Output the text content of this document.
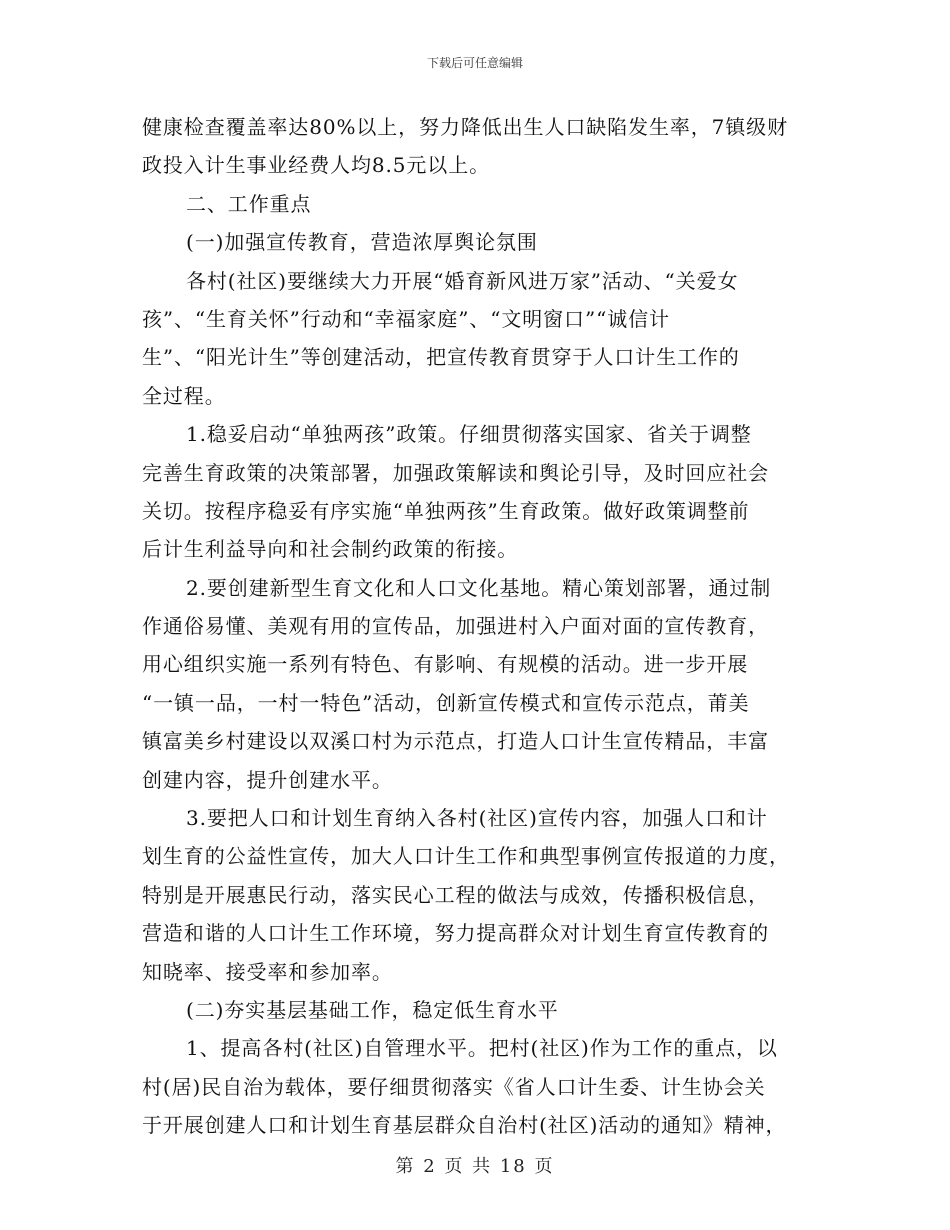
下载后可任意编辑
健康检查覆盖率达80%以上，努力降低出生人口缺陷发生率，7镇级财
政投入计生事业经费人均8.5元以上。
二、工作重点
(一)加强宣传教育，营造浓厚舆论氛围
各村(社区)要继续大力开展“婚育新风进万家”活动、“关爱女
孩”、“生育关怀”行动和“幸福家庭”、“文明窗口”“诚信计
生”、“阳光计生”等创建活动，把宣传教育贯穿于人口计生工作的
全过程。
1.稳妥启动“单独两孩”政策。仔细贯彻落实国家、省关于调整
完善生育政策的决策部署，加强政策解读和舆论引导，及时回应社会
关切。按程序稳妥有序实施“单独两孩”生育政策。做好政策调整前
后计生利益导向和社会制约政策的衔接。
2.要创建新型生育文化和人口文化基地。精心策划部署，通过制
作通俗易懂、美观有用的宣传品，加强进村入户面对面的宣传教育，
用心组织实施一系列有特色、有影响、有规模的活动。进一步开展
“一镇一品，一村一特色”活动，创新宣传模式和宣传示范点，莆美
镇富美乡村建设以双溪口村为示范点，打造人口计生宣传精品，丰富
创建内容，提升创建水平。
3.要把人口和计划生育纳入各村(社区)宣传内容，加强人口和计
划生育的公益性宣传，加大人口计生工作和典型事例宣传报道的力度，
特别是开展惠民行动，落实民心工程的做法与成效，传播积极信息，
营造和谐的人口计生工作环境，努力提高群众对计划生育宣传教育的
知晓率、接受率和参加率。
(二)夯实基层基础工作，稳定低生育水平
1、提高各村(社区)自管理水平。把村(社区)作为工作的重点，以
村(居)民自治为载体，要仔细贯彻落实《省人口计生委、计生协会关
于开展创建人口和计划生育基层群众自治村(社区)活动的通知》精神，
第 2 页 共 18 页
